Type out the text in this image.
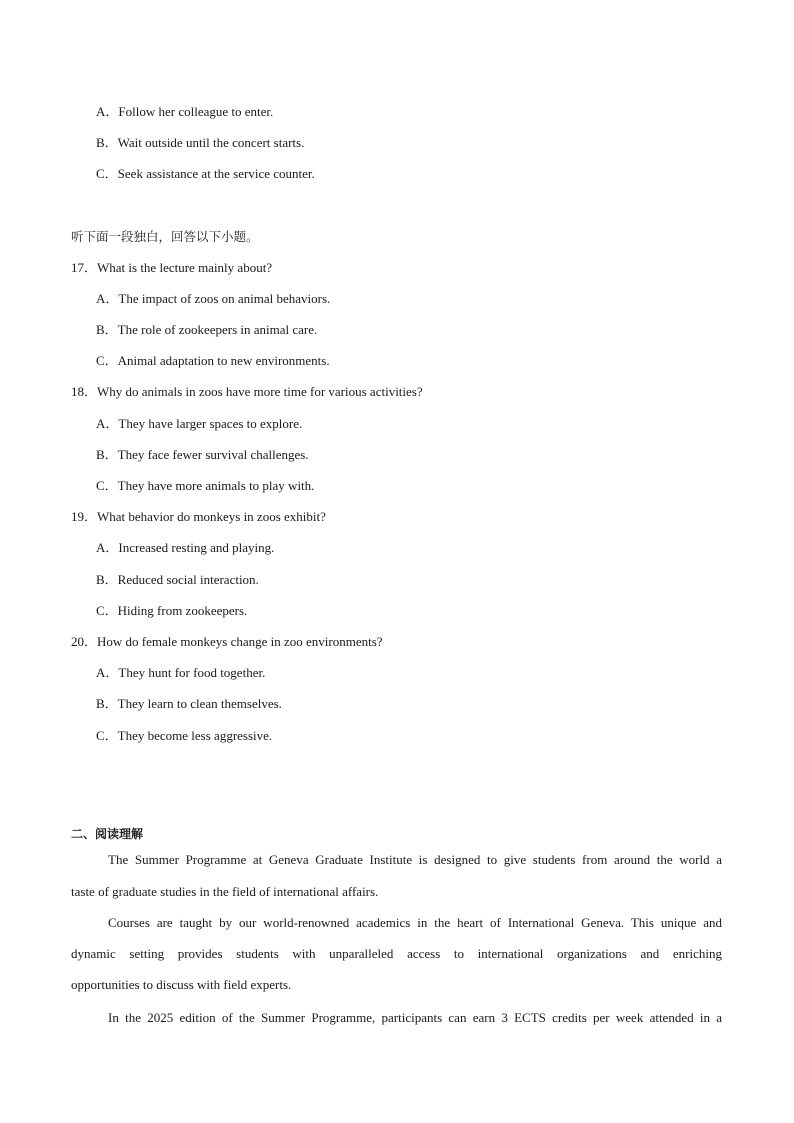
A．Follow her colleague to enter.
B．Wait outside until the concert starts.
C．Seek assistance at the service counter.
听下面一段独白，回答以下小题。
17．What is the lecture mainly about?
A．The impact of zoos on animal behaviors.
B．The role of zookeepers in animal care.
C．Animal adaptation to new environments.
18．Why do animals in zoos have more time for various activities?
A．They have larger spaces to explore.
B．They face fewer survival challenges.
C．They have more animals to play with.
19．What behavior do monkeys in zoos exhibit?
A．Increased resting and playing.
B．Reduced social interaction.
C．Hiding from zookeepers.
20．How do female monkeys change in zoo environments?
A．They hunt for food together.
B．They learn to clean themselves.
C．They become less aggressive.
二、阅读理解
The Summer Programme at Geneva Graduate Institute is designed to give students from around the world a
taste of graduate studies in the field of international affairs.
Courses are taught by our world-renowned academics in the heart of International Geneva. This unique and
dynamic setting provides students with unparalleled access to international organizations and enriching
opportunities to discuss with field experts.
In the 2025 edition of the Summer Programme, participants can earn 3 ECTS credits per week attended in a
